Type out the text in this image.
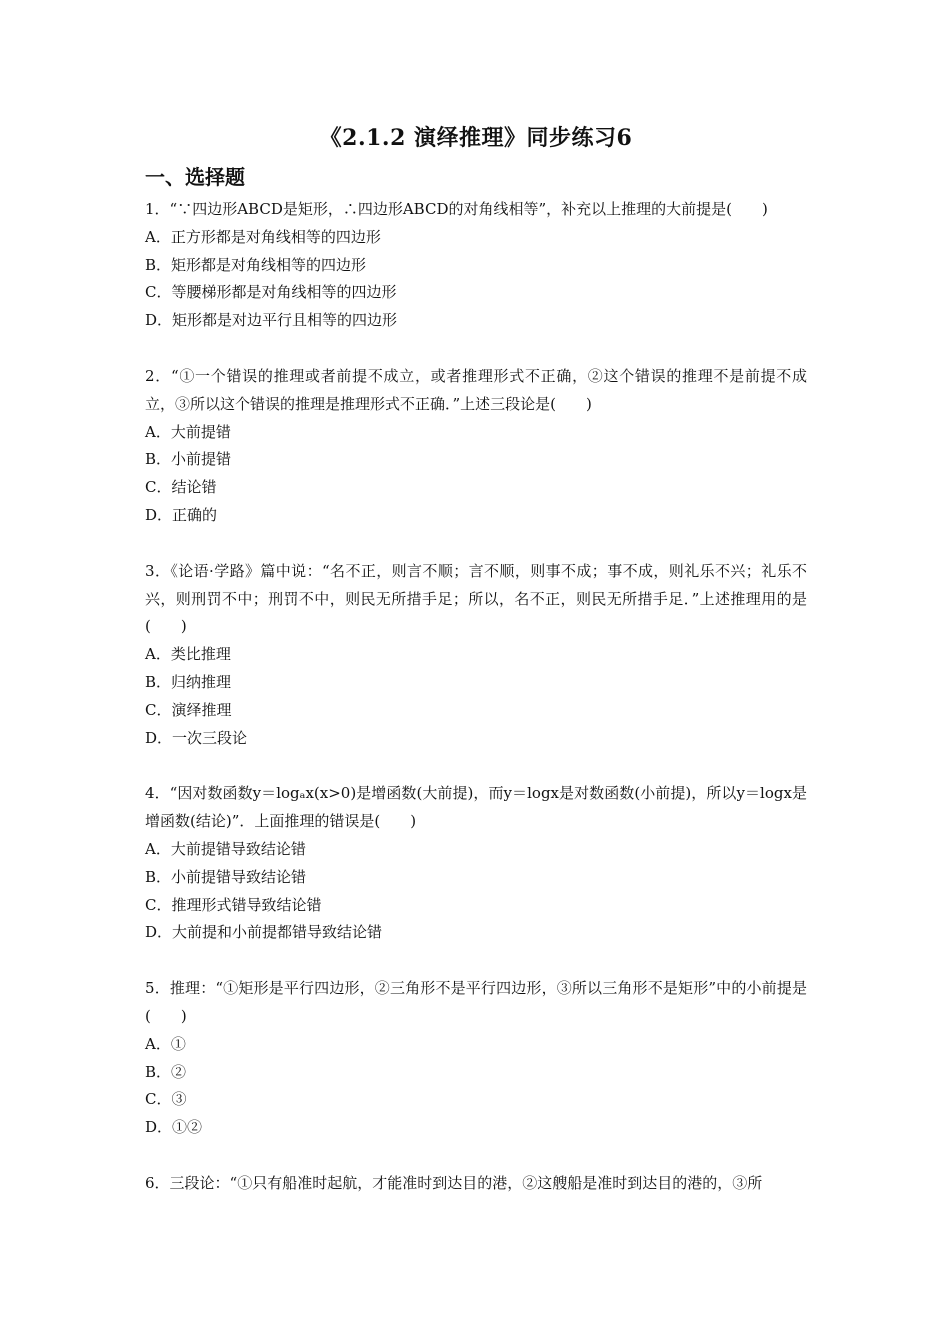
《2.1.2 演绎推理》同步练习6
一、选择题

1．“∵四边形ABCD是矩形，∴四边形ABCD的对角线相等”，补充以上推理的大前提是(　　)

A．正方形都是对角线相等的四边形

B．矩形都是对角线相等的四边形

C．等腰梯形都是对角线相等的四边形

D．矩形都是对边平行且相等的四边形

2．“①一个错误的推理或者前提不成立，或者推理形式不正确，②这个错误的推理不是前提不成立，③所以这个错误的推理是推理形式不正确．”上述三段论是(　　)

A．大前提错

B．小前提错

C．结论错

D．正确的

3．《论语·学路》篇中说：“名不正，则言不顺；言不顺，则事不成；事不成，则礼乐不兴；礼乐不兴，则刑罚不中；刑罚不中，则民无所措手足；所以，名不正，则民无所措手足．”上述推理用的是(　　)

A．类比推理

B．归纳推理

C．演绎推理

D．一次三段论

4．“因对数函数y＝logₐx(x>0)是增函数(大前提)，而y＝logx是对数函数(小前提)，所以y＝logx是增函数(结论)”．上面推理的错误是(　　)

A．大前提错导致结论错

B．小前提错导致结论错

C．推理形式错导致结论错

D．大前提和小前提都错导致结论错

5．推理：“①矩形是平行四边形，②三角形不是平行四边形，③所以三角形不是矩形”中的小前提是(　　)

A．①

B．②

C．③

D．①②

6．三段论：“①只有船准时起航，才能准时到达目的港，②这艘船是准时到达目的港的，③所
